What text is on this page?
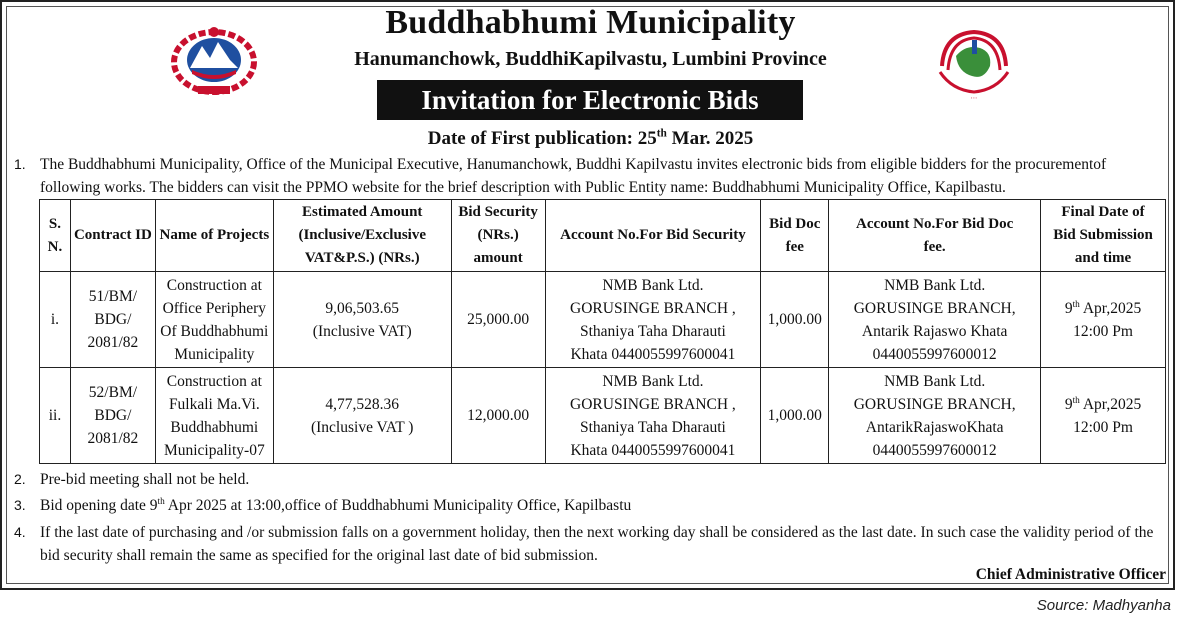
⋯
Buddhabhumi Municipality
Hanumanchowk, BuddhiKapilvastu, Lumbini Province
Invitation for Electronic Bids
Date of First publication: 25th Mar. 2025
1. The Buddhabhumi Municipality, Office of the Municipal Executive, Hanumanchowk, Buddhi Kapilvastu invites electronic bids from eligible bidders for the procurementof following works. The bidders can visit the PPMO website for the brief description with Public Entity name: Buddhabhumi Municipality Office, Kapilbastu.
S.
N.	Contract ID	Name of Projects	Estimated Amount
(Inclusive/Exclusive
VAT&P.S.) (NRs.)	Bid Security
(NRs.)
amount	Account No.For Bid Security	Bid Doc
fee	Account No.For Bid Doc
fee.	Final Date of
Bid Submission
and time

i.	51/BM/
BDG/
2081/82	Construction at
Office Periphery
Of Buddhabhumi
Municipality	9,06,503.65
(Inclusive VAT)	25,000.00	NMB Bank Ltd.
GORUSINGE BRANCH ,
Sthaniya Taha Dharauti
Khata 0440055997600041	1,000.00	NMB Bank Ltd.
GORUSINGE BRANCH,
Antarik Rajaswo Khata
0440055997600012	9th Apr,2025
12:00 Pm

ii.	52/BM/
BDG/
2081/82	Construction at
Fulkali Ma.Vi.
Buddhabhumi
Municipality-07	4,77,528.36
(Inclusive VAT )	12,000.00	NMB Bank Ltd.
GORUSINGE BRANCH ,
Sthaniya Taha Dharauti
Khata 0440055997600041	1,000.00	NMB Bank Ltd.
GORUSINGE BRANCH,
AntarikRajaswoKhata
0440055997600012	9th Apr,2025
12:00 Pm
2. Pre-bid meeting shall not be held.
3. Bid opening date 9th Apr 2025 at 13:00,office of Buddhabhumi Municipality Office, Kapilbastu
4. If the last date of purchasing and /or submission falls on a government holiday, then the next working day shall be considered as the last date. In such case the validity period of the bid security shall remain the same as specified for the original last date of bid submission.
Chief Administrative Officer
Source: Madhyanha
